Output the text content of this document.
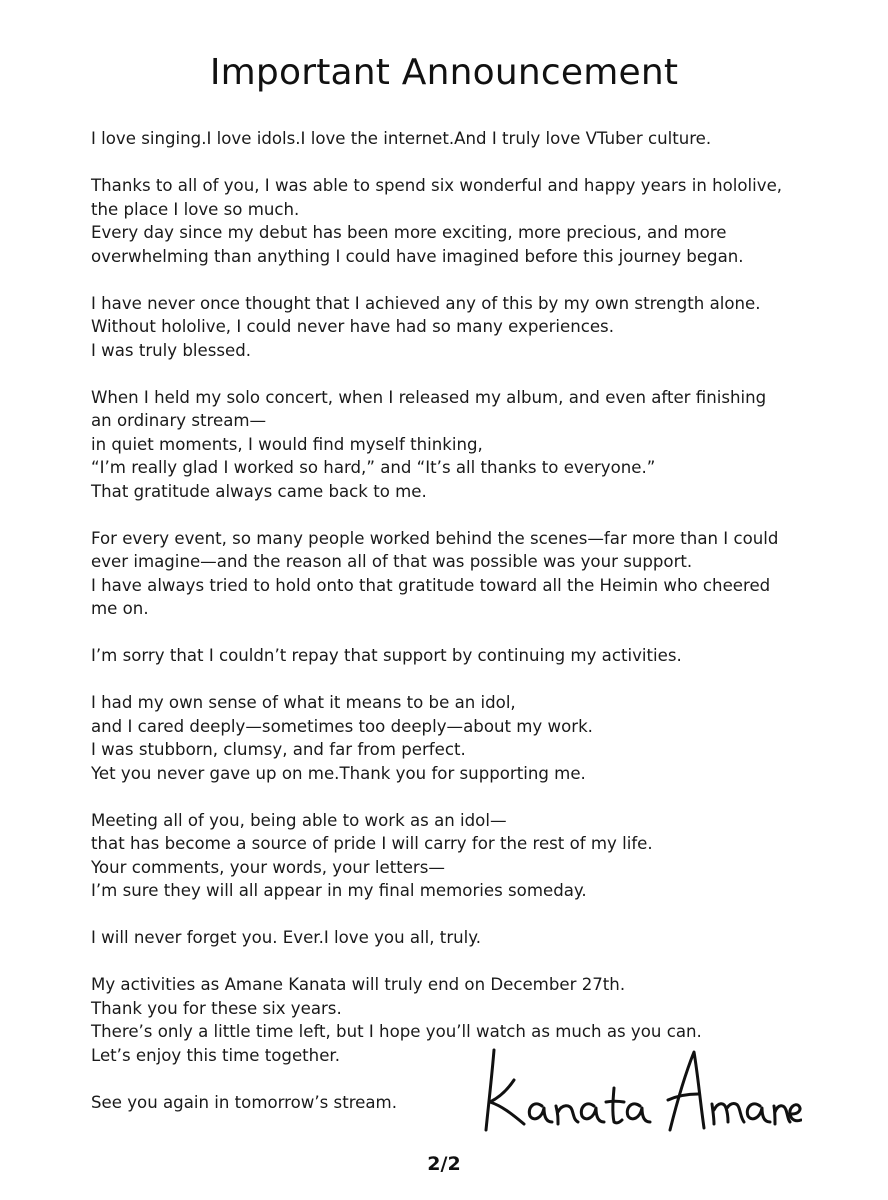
Important Announcement
I love singing.I love idols.I love the internet.And I truly love VTuber culture.
Thanks to all of you, I was able to spend six wonderful and happy years in hololive,
the place I love so much.
Every day since my debut has been more exciting, more precious, and more
overwhelming than anything I could have imagined before this journey began.
I have never once thought that I achieved any of this by my own strength alone.
Without hololive, I could never have had so many experiences.
I was truly blessed.
When I held my solo concert, when I released my album, and even after finishing
an ordinary stream—
in quiet moments, I would find myself thinking,
“I’m really glad I worked so hard,” and “It’s all thanks to everyone.”
That gratitude always came back to me.
For every event, so many people worked behind the scenes—far more than I could
ever imagine—and the reason all of that was possible was your support.
I have always tried to hold onto that gratitude toward all the Heimin who cheered
me on.
I’m sorry that I couldn’t repay that support by continuing my activities.
I had my own sense of what it means to be an idol,
and I cared deeply—sometimes too deeply—about my work.
I was stubborn, clumsy, and far from perfect.
Yet you never gave up on me.Thank you for supporting me.
Meeting all of you, being able to work as an idol—
that has become a source of pride I will carry for the rest of my life.
Your comments, your words, your letters—
I’m sure they will all appear in my final memories someday.
I will never forget you. Ever.I love you all, truly.
My activities as Amane Kanata will truly end on December 27th.
Thank you for these six years.
There’s only a little time left, but I hope you’ll watch as much as you can.
Let’s enjoy this time together.
See you again in tomorrow’s stream.
2/2
